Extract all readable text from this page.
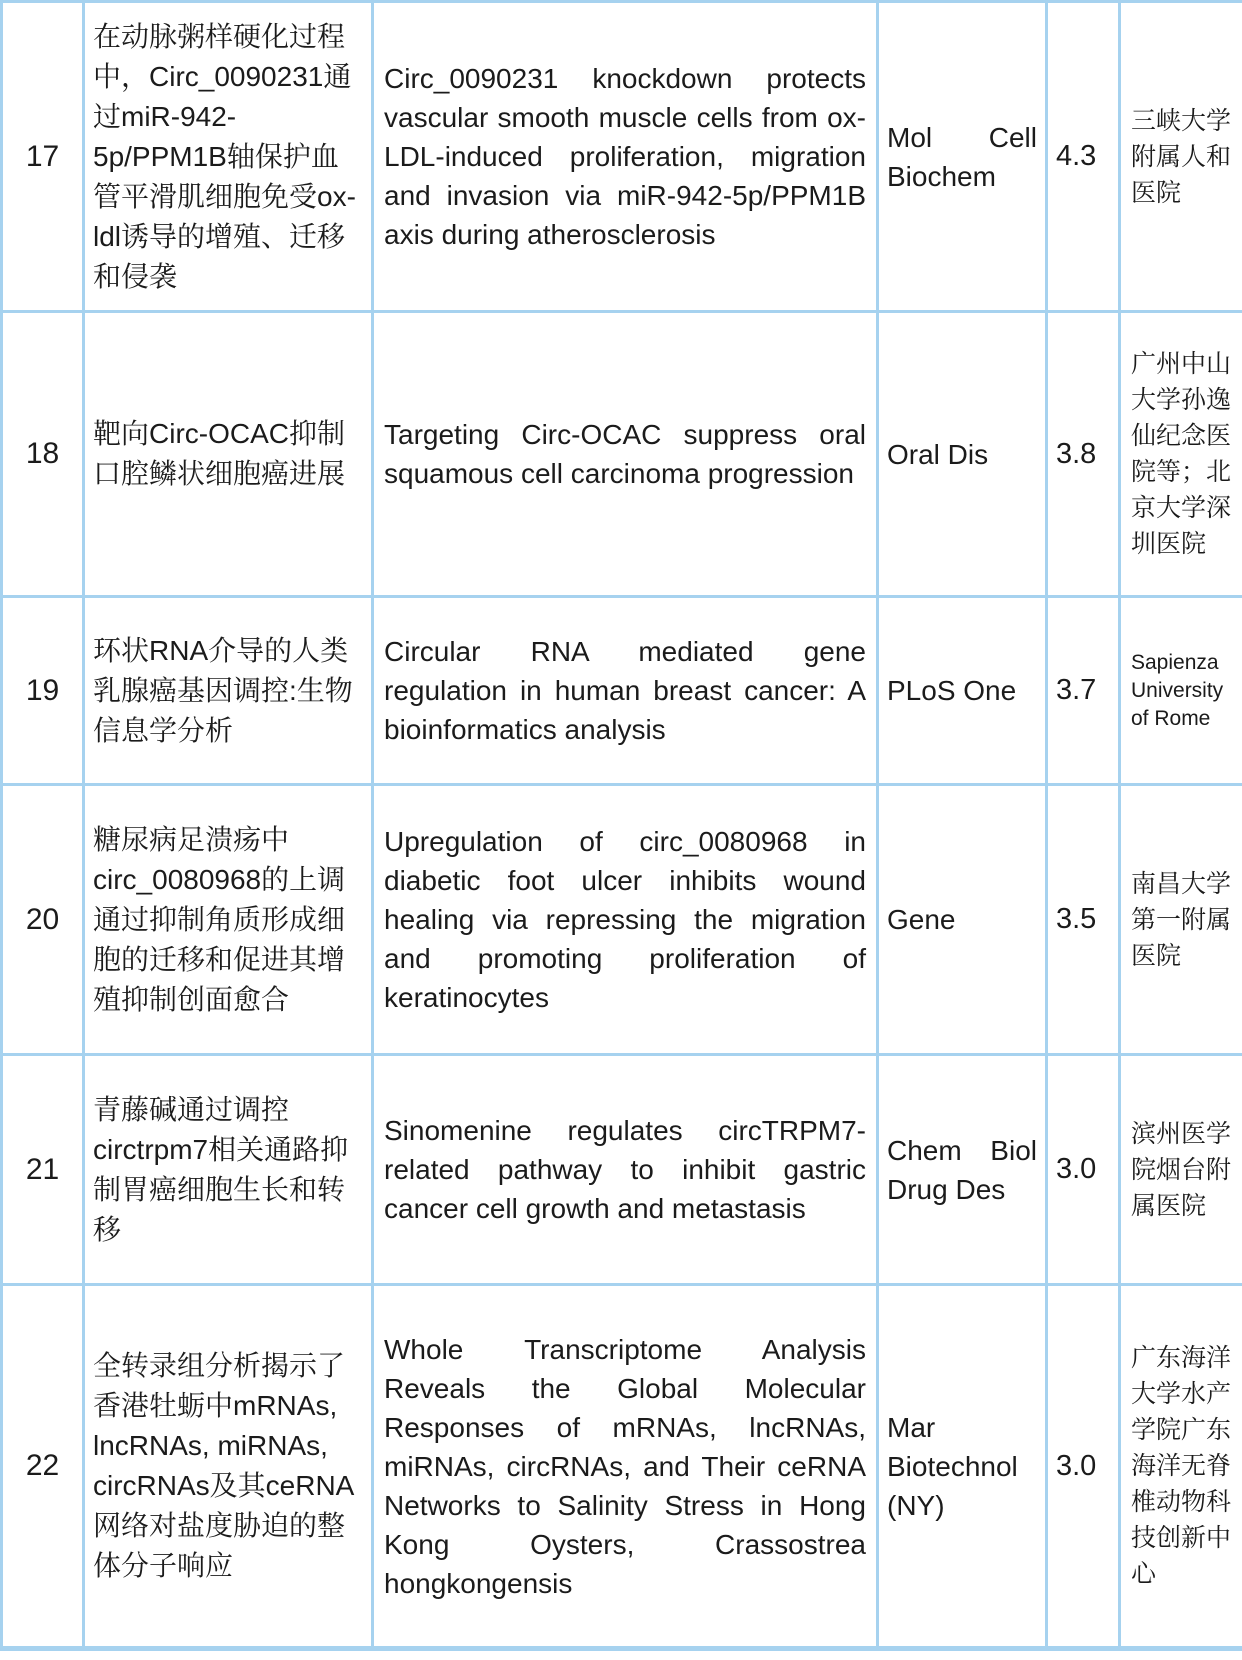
17	在动脉粥样硬化过程中，Circ_0090231通过miR-942-5p/PPM1B轴保护血管平滑肌细胞免受ox- ldl诱导的增殖、迁移和侵袭	Circ_0090231 knockdown protects vascular smooth muscle cells from ox-LDL-induced proliferation, migration and invasion via miR-942-5p/PPM1B axis during atherosclerosis	Mol Cell Biochem	4.3	三峡大学附属人和医院

18	靶向Circ-OCAC抑制口腔鳞状细胞癌进展	Targeting Circ-OCAC suppress oral squamous cell carcinoma progression	Oral Dis	3.8	广州中山大学孙逸仙纪念医院等；北京大学深圳医院

19	环状RNA介导的人类乳腺癌基因调控:生物信息学分析	Circular RNA mediated gene regulation in human breast cancer: A bioinformatics analysis	PLoS One	3.7	Sapienza University of Rome

20	糖尿病足溃疡中circ_0080968的上调通过抑制角质形成细胞的迁移和促进其增殖抑制创面愈合	Upregulation of circ_0080968 in diabetic foot ulcer inhibits wound healing via repressing the migration and promoting proliferation of keratinocytes	Gene	3.5	南昌大学第一附属医院

21	青藤碱通过调控circtrpm7相关通路抑制胃癌细胞生长和转移	Sinomenine regulates circTRPM7-related pathway to inhibit gastric cancer cell growth and metastasis	Chem Biol Drug Des	3.0	滨州医学院烟台附属医院

22	全转录组分析揭示了香港牡蛎中mRNAs, lncRNAs, miRNAs, circRNAs及其ceRNA网络对盐度胁迫的整体分子响应	Whole Transcriptome Analysis Reveals the Global Molecular Responses of mRNAs, lncRNAs, miRNAs, circRNAs, and Their ceRNA Networks to Salinity Stress in Hong Kong Oysters, Crassostrea hongkongensis	Mar Biotechnol (NY)	3.0	广东海洋大学水产学院广东海洋无脊椎动物科技创新中心
